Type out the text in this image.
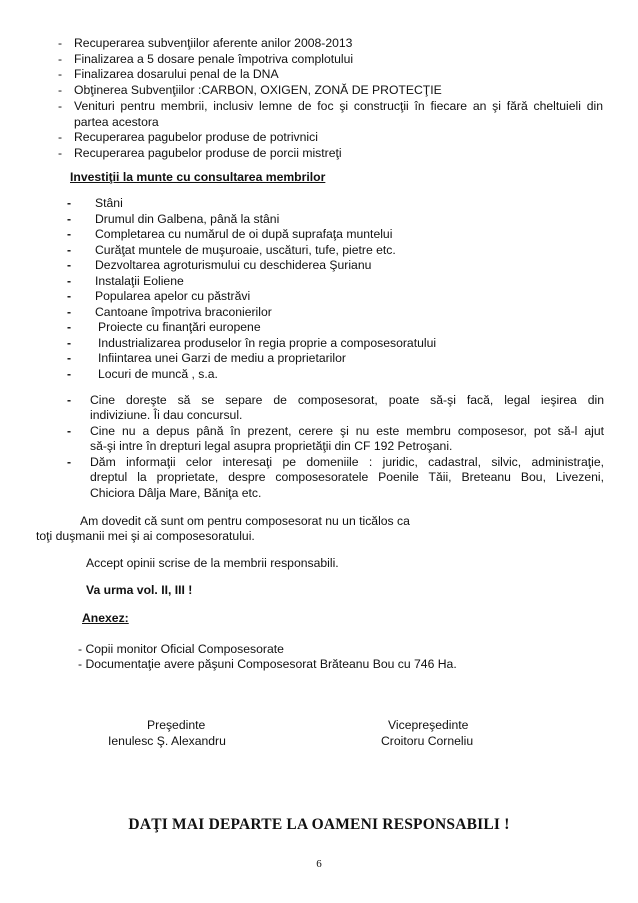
- Recuperarea subvenţiilor aferente anilor 2008-2013
- Finalizarea a 5 dosare penale împotriva complotului
- Finalizarea dosarului penal de la DNA
- Obţinerea Subvenţiilor :CARBON, OXIGEN, ZONĂ DE PROTECŢIE
- Venituri pentru membrii, inclusiv lemne de foc şi construcţii în fiecare an şi fără cheltuieli din
partea acestora
- Recuperarea pagubelor produse de potrivnici
- Recuperarea pagubelor produse de porcii mistreţi
Investiţii la munte cu consultarea membrilor
- Stâni
- Drumul din Galbena, până la stâni
- Completarea cu numărul de oi după suprafaţa muntelui
- Curăţat muntele de muşuroaie, uscături, tufe, pietre etc.
- Dezvoltarea agroturismului cu deschiderea Şurianu
- Instalaţii Eoliene
- Popularea apelor cu păstrăvi
- Cantoane împotriva braconierilor
- Proiecte cu finanţări europene
- Industrializarea produselor în regia proprie a composesoratului
- Infiintarea unei Garzi de mediu a proprietarilor
- Locuri de muncă , s.a.
- Cine doreşte să se separe de composesorat, poate să-şi facă, legal ieşirea din
indiviziune. Îi dau concursul.
- Cine nu a depus până în prezent, cerere şi nu este membru composesor, pot să-l ajut
să-şi intre în drepturi legal asupra proprietăţii din CF 192 Petroşani.
- Dăm informaţii celor interesaţi pe domeniile : juridic, cadastral, silvic, administraţie,
dreptul la proprietate, despre composesoratele Poenile Tăii, Breteanu Bou, Livezeni,
Chiciora Dâlja Mare, Băniţa etc.
Am dovedit că sunt om pentru composesorat nu un ticălos ca
toţi duşmanii mei şi ai composesoratului.
Accept opinii scrise de la membrii responsabili.
Va urma vol. II, III !
Anexez:
- Copii monitor Oficial Composesorate
- Documentaţie avere păşuni Composesorat Brăteanu Bou cu 746 Ha.
Preşedinte
Ienulesc Ş. Alexandru
Vicepreşedinte
Croitoru Corneliu
DAŢI MAI DEPARTE LA OAMENI RESPONSABILI !
6
